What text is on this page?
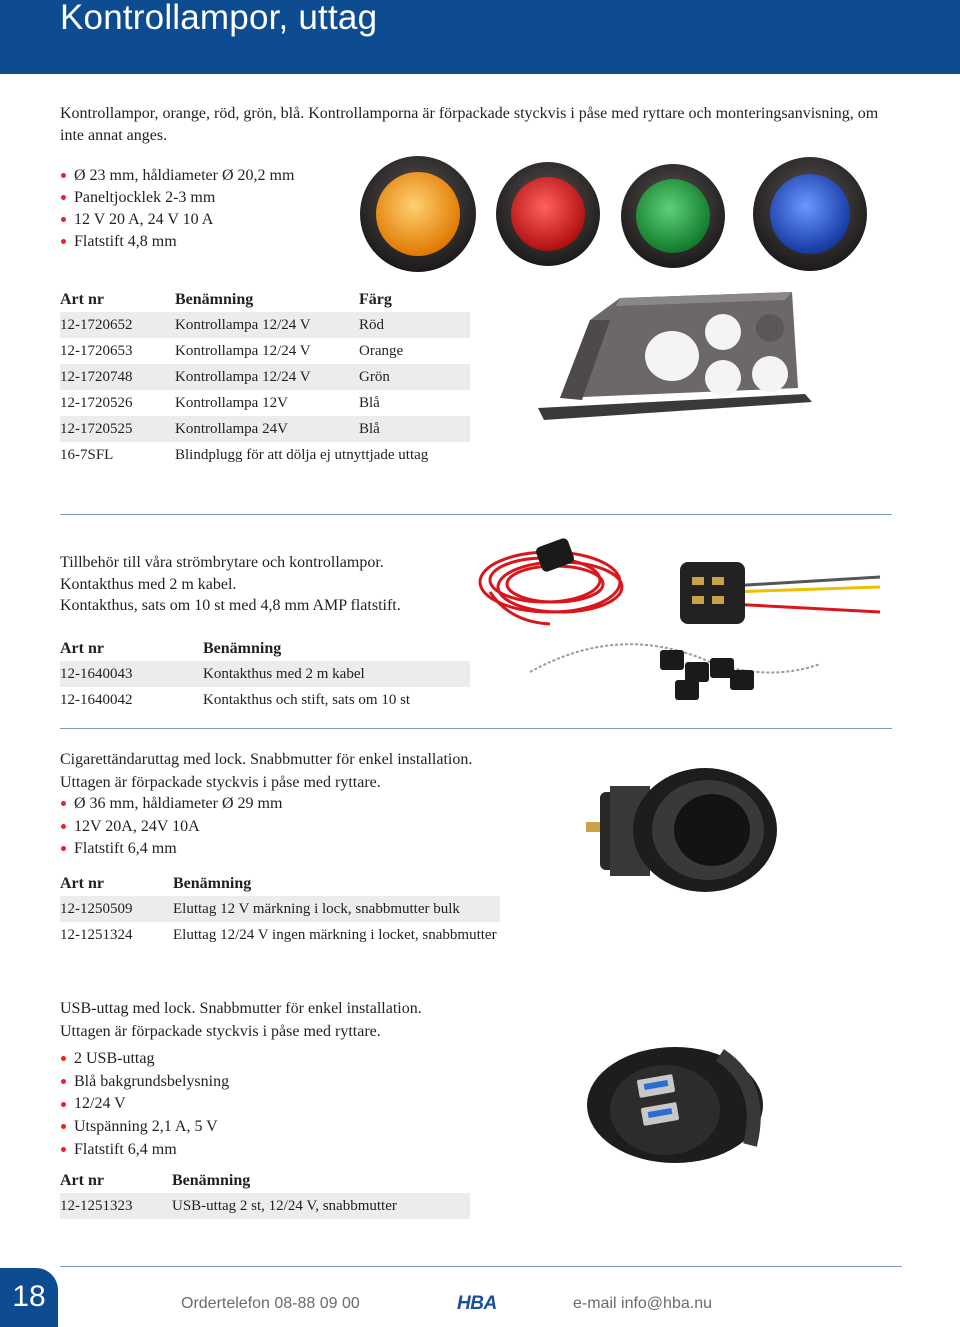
Kontrollampor, uttag
Kontrollampor, orange, röd, grön, blå. Kontrollamporna är förpackade styckvis i påse med ryttare och monteringsanvisning, om inte annat anges.
Ø 23 mm, håldiameter Ø 20,2 mm
Paneltjocklek 2-3 mm
12 V 20 A, 24 V 10 A
Flatstift 4,8 mm
Art nr	Benämning	Färg
12-1720652	Kontrollampa 12/24 V	Röd
12-1720653	Kontrollampa 12/24 V	Orange
12-1720748	Kontrollampa 12/24 V	Grön
12-1720526	Kontrollampa 12V	Blå
12-1720525	Kontrollampa 24V	Blå
16-7SFL	Blindplugg för att dölja ej utnyttjade uttag	
Tillbehör till våra strömbrytare och kontrollampor.
Kontakthus med 2 m kabel.
Kontakthus, sats om 10 st med 4,8 mm AMP flatstift.
Art nr	Benämning
12-1640043	Kontakthus med 2 m kabel
12-1640042	Kontakthus och stift, sats om 10 st
Cigarettändaruttag med lock. Snabbmutter för enkel installation.
Uttagen är förpackade styckvis i påse med ryttare.
Ø 36 mm, håldiameter Ø 29 mm
12V 20A, 24V 10A
Flatstift 6,4 mm
Art nr	Benämning
12-1250509	Eluttag 12 V märkning i lock, snabbmutter bulk
12-1251324	Eluttag 12/24 V ingen märkning i locket, snabbmutter
USB-uttag med lock. Snabbmutter för enkel installation.
Uttagen är förpackade styckvis i påse med ryttare.
2 USB-uttag
Blå bakgrundsbelysning
12/24 V
Utspänning 2,1 A, 5 V
Flatstift 6,4 mm
Art nr	Benämning
12-1251323	USB-uttag 2 st, 12/24 V, snabbmutter
18	Ordertelefon 08-88 09 00	HBA	e-mail info@hba.nu
